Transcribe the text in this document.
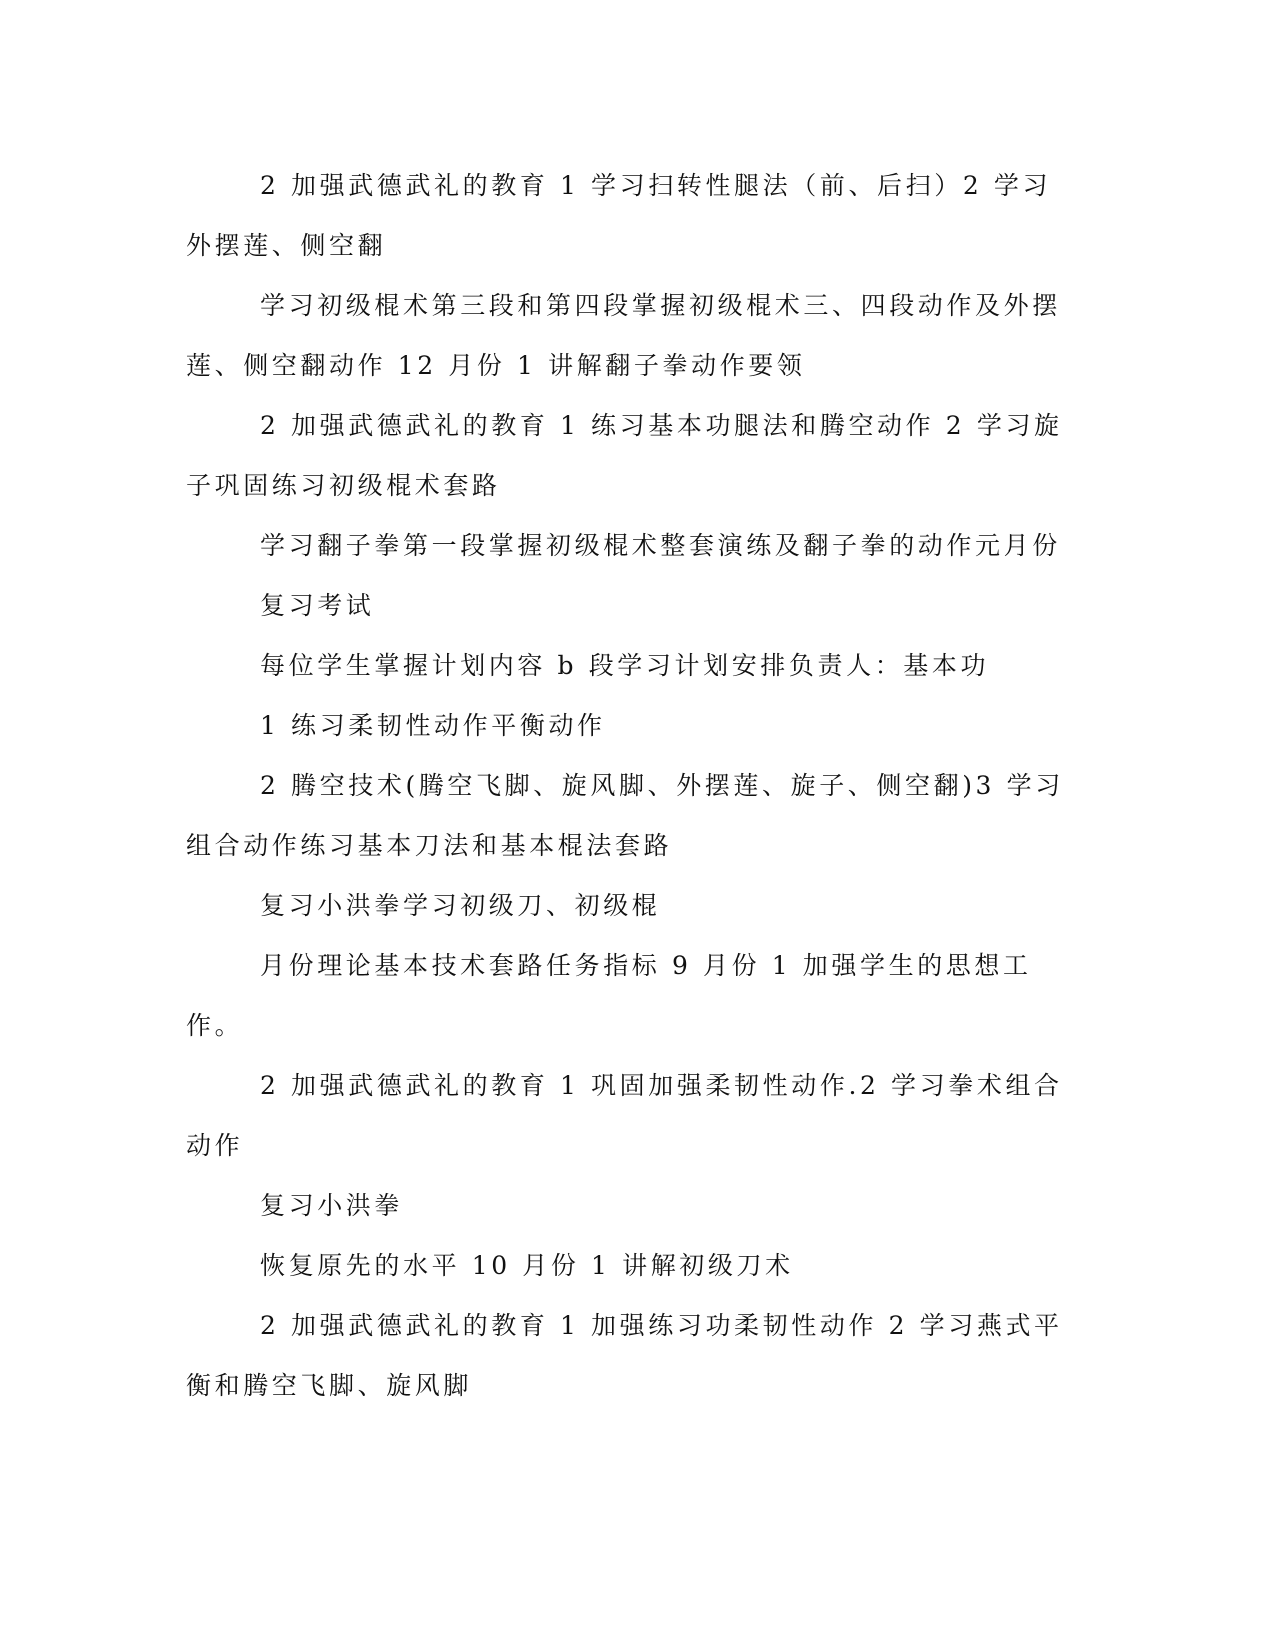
2 加强武德武礼的教育 1 学习扫转性腿法（前、后扫）2 学习外摆莲、侧空翻

学习初级棍术第三段和第四段掌握初级棍术三、四段动作及外摆莲、侧空翻动作 12 月份 1 讲解翻子拳动作要领

2 加强武德武礼的教育 1 练习基本功腿法和腾空动作 2 学习旋子巩固练习初级棍术套路

学习翻子拳第一段掌握初级棍术整套演练及翻子拳的动作元月份

复习考试

每位学生掌握计划内容 b 段学习计划安排负责人：基本功

1 练习柔韧性动作平衡动作

2 腾空技术(腾空飞脚、旋风脚、外摆莲、旋子、侧空翻)3 学习组合动作练习基本刀法和基本棍法套路

复习小洪拳学习初级刀、初级棍

月份理论基本技术套路任务指标 9 月份 1 加强学生的思想工作。

2 加强武德武礼的教育 1 巩固加强柔韧性动作.2 学习拳术组合动作

复习小洪拳

恢复原先的水平 10 月份 1 讲解初级刀术

2 加强武德武礼的教育 1 加强练习功柔韧性动作 2 学习燕式平衡和腾空飞脚、旋风脚
